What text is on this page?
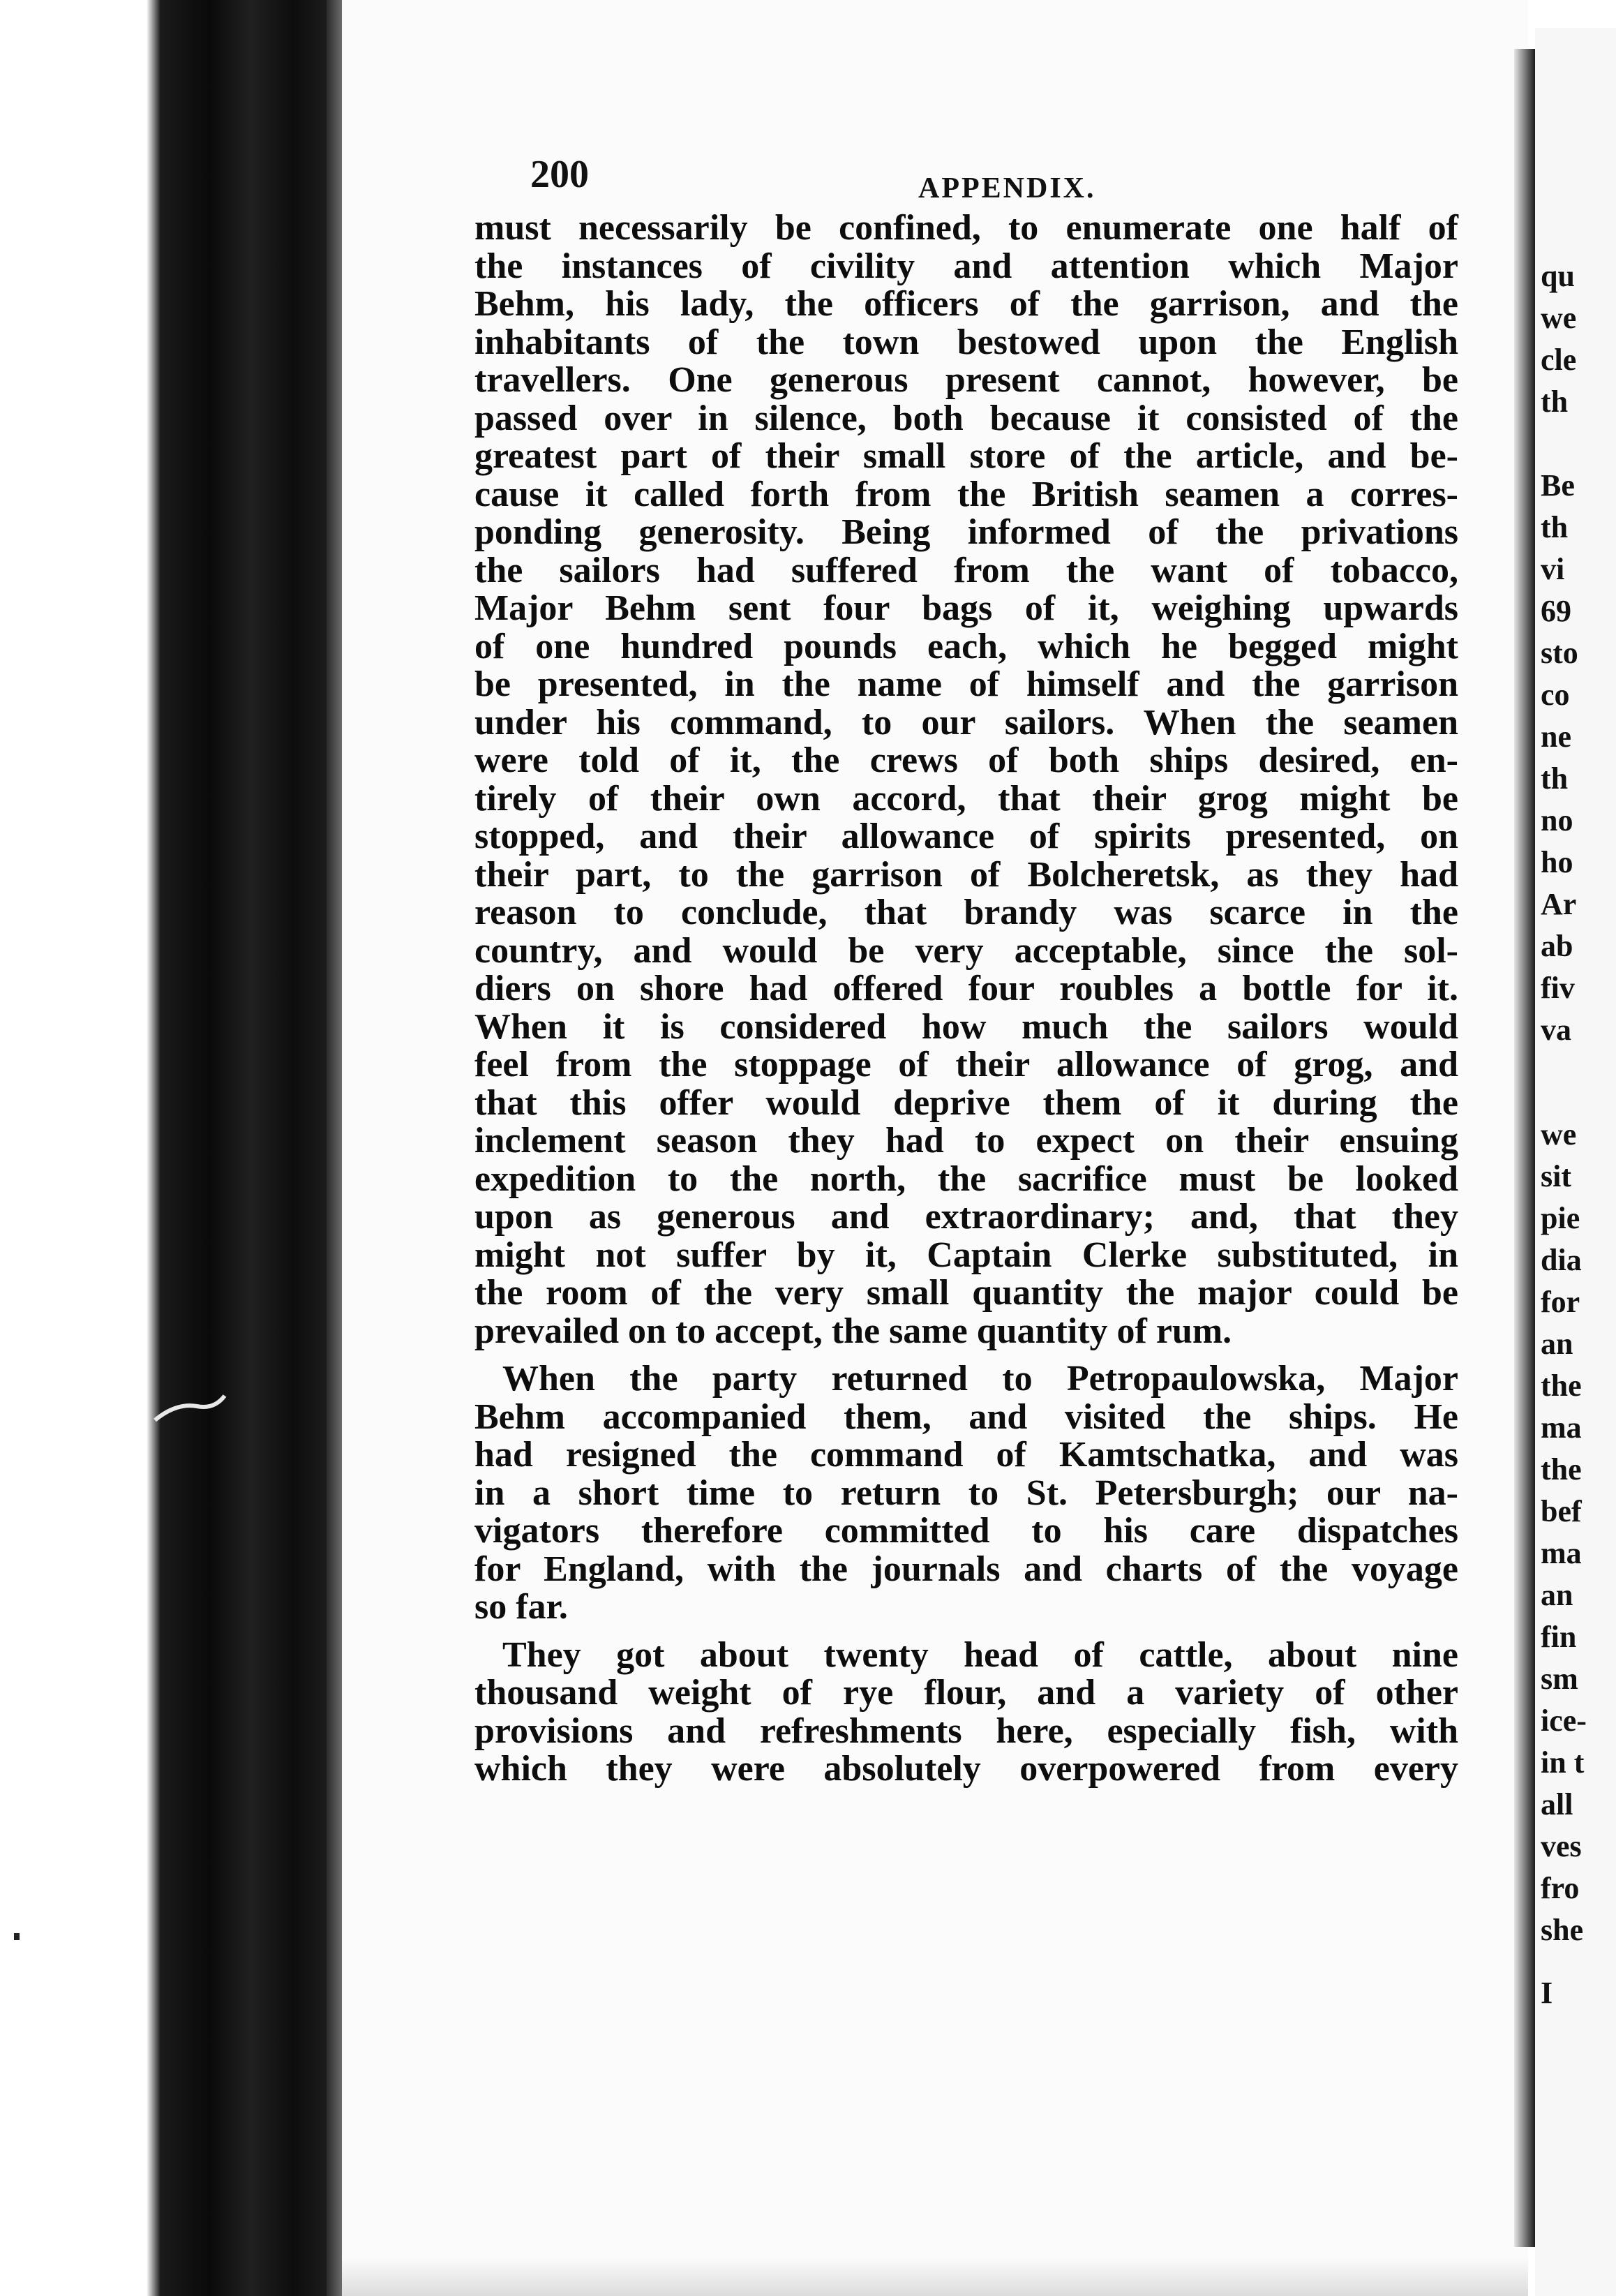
200	APPENDIX.
must necessarily be confined, to enumerate one half of
the instances of civility and attention which Major
Behm, his lady, the officers of the garrison, and the
inhabitants of the town bestowed upon the English
travellers. One generous present cannot, however, be
passed over in silence, both because it consisted of the
greatest part of their small store of the article, and be-
cause it called forth from the British seamen a corres-
ponding generosity. Being informed of the privations
the sailors had suffered from the want of tobacco,
Major Behm sent four bags of it, weighing upwards
of one hundred pounds each, which he begged might
be presented, in the name of himself and the garrison
under his command, to our sailors. When the seamen
were told of it, the crews of both ships desired, en-
tirely of their own accord, that their grog might be
stopped, and their allowance of spirits presented, on
their part, to the garrison of Bolcheretsk, as they had
reason to conclude, that brandy was scarce in the
country, and would be very acceptable, since the sol-
diers on shore had offered four roubles a bottle for it.
When it is considered how much the sailors would
feel from the stoppage of their allowance of grog, and
that this offer would deprive them of it during the
inclement season they had to expect on their ensuing
expedition to the north, the sacrifice must be looked
upon as generous and extraordinary; and, that they
might not suffer by it, Captain Clerke substituted, in
the room of the very small quantity the major could be
prevailed on to accept, the same quantity of rum.
When the party returned to Petropaulowska, Major
Behm accompanied them, and visited the ships. He
had resigned the command of Kamtschatka, and was
in a short time to return to St. Petersburgh; our na-
vigators therefore committed to his care dispatches
for England, with the journals and charts of the voyage
so far.
They got about twenty head of cattle, about nine
thousand weight of rye flour, and a variety of other
provisions and refreshments here, especially fish, with
which they were absolutely overpowered from every
qu
we
cle
th
Be
th
vi
69
sto
co
ne
th
no
ho
Ar
ab
fiv
va
we
sit
pie
dia
for
an
the
ma
the
bef
ma
an
fin
sm
ice-
in t
all
ves
fro
she
I
